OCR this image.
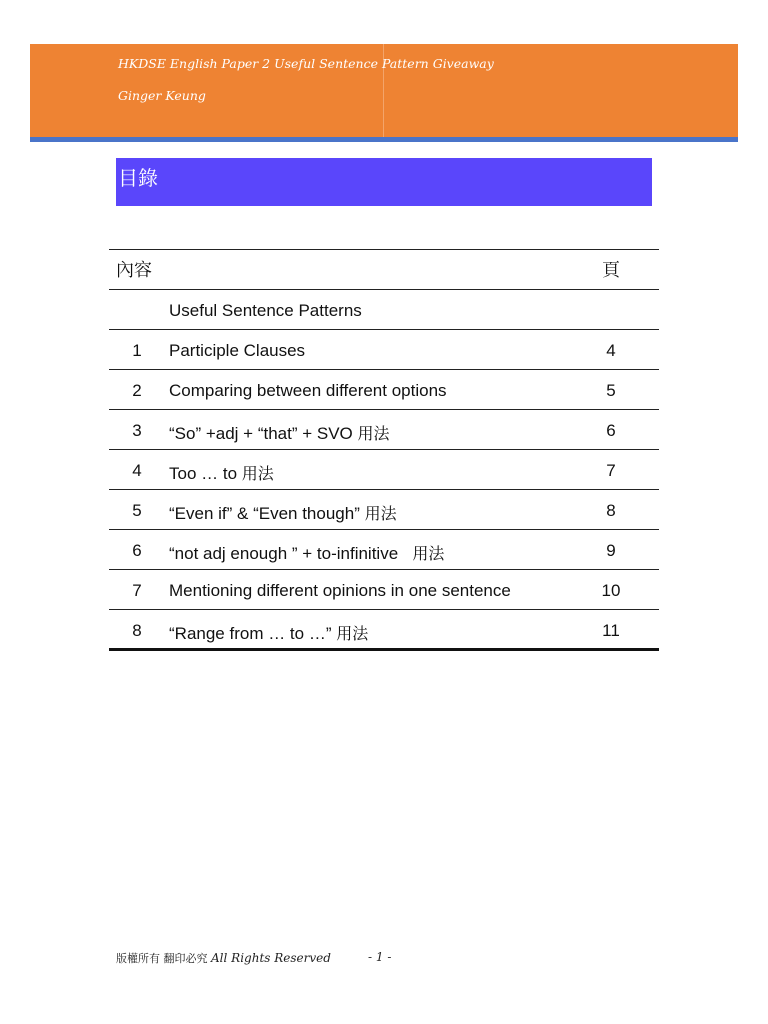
HKDSE English Paper 2 Useful Sentence Pattern Giveaway
Ginger Keung
目錄
內容		頁
	Useful Sentence Patterns	
1	Participle Clauses	4
2	Comparing between different options	5
3	“So” +adj + “that” + SVO 用法	6
4	Too … to 用法	7
5	“Even if” & “Even though” 用法	8
6	“not adj enough ” + to-infinitive   用法	9
7	Mentioning different opinions in one sentence	10
8	“Range from … to …” 用法	11
版權所有 翻印必究 All Rights Reserved	- 1 -
